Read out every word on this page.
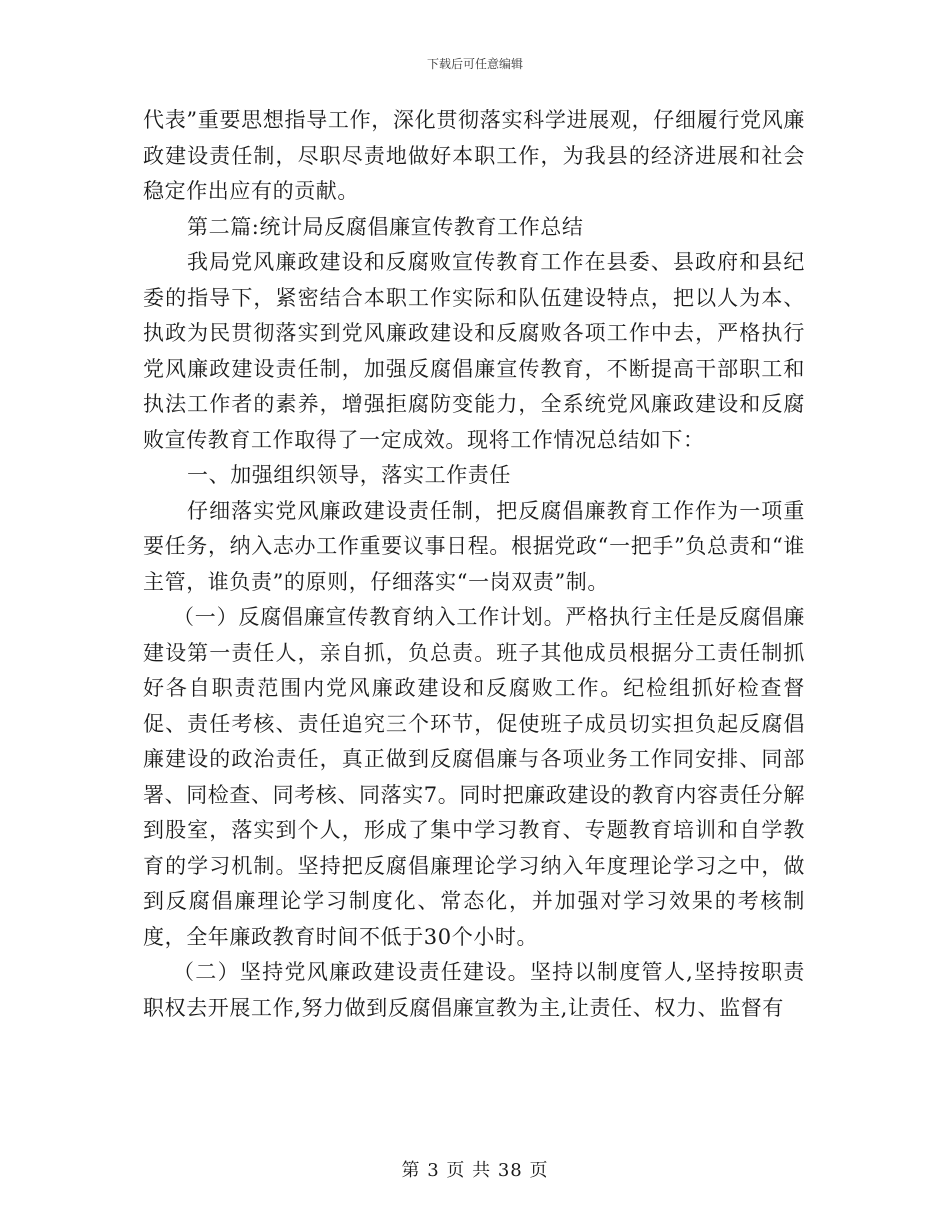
下载后可任意编辑

代表”重要思想指导工作，深化贯彻落实科学进展观，仔细履行党风廉政建设责任制，尽职尽责地做好本职工作，为我县的经济进展和社会稳定作出应有的贡献。

第二篇:统计局反腐倡廉宣传教育工作总结

我局党风廉政建设和反腐败宣传教育工作在县委、县政府和县纪委的指导下，紧密结合本职工作实际和队伍建设特点，把以人为本、执政为民贯彻落实到党风廉政建设和反腐败各项工作中去，严格执行党风廉政建设责任制，加强反腐倡廉宣传教育，不断提高干部职工和执法工作者的素养，增强拒腐防变能力，全系统党风廉政建设和反腐败宣传教育工作取得了一定成效。现将工作情况总结如下：

一、加强组织领导，落实工作责任

仔细落实党风廉政建设责任制，把反腐倡廉教育工作作为一项重要任务，纳入志办工作重要议事日程。根据党政“一把手”负总责和“谁主管，谁负责”的原则，仔细落实“一岗双责”制。

（一）反腐倡廉宣传教育纳入工作计划。严格执行主任是反腐倡廉建设第一责任人，亲自抓，负总责。班子其他成员根据分工责任制抓好各自职责范围内党风廉政建设和反腐败工作。纪检组抓好检查督促、责任考核、责任追究三个环节，促使班子成员切实担负起反腐倡廉建设的政治责任，真正做到反腐倡廉与各项业务工作同安排、同部署、同检查、同考核、同落实7。同时把廉政建设的教育内容责任分解到股室，落实到个人，形成了集中学习教育、专题教育培训和自学教育的学习机制。坚持把反腐倡廉理论学习纳入年度理论学习之中，做到反腐倡廉理论学习制度化、常态化，并加强对学习效果的考核制度，全年廉政教育时间不低于30个小时。

（二）坚持党风廉政建设责任建设。坚持以制度管人,坚持按职责职权去开展工作,努力做到反腐倡廉宣教为主,让责任、权力、监督有

第 3 页 共 38 页
